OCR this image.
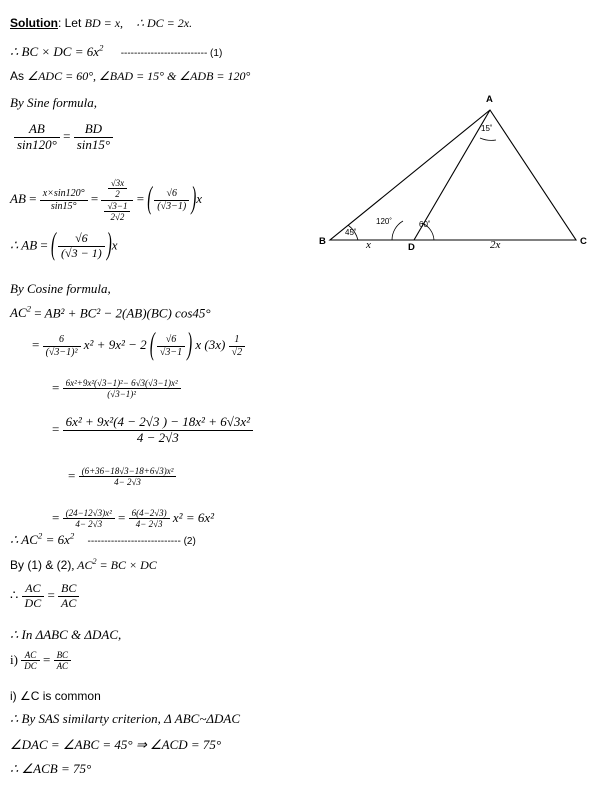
Solution: Let BD = x, ∴ DC = 2x.
∴ BC × DC = $6x^2$ -------------------------- (1)
As ∠ADC = 60°, ∠BAD = 15° & ∠ADB = 120°
By Sine formula,
$\frac{AB}{\sin 120^\circ} = \frac{BD}{\sin 15^\circ}$
AB = $\frac{x\times\sin 120^\circ}{\sin 15^\circ} = \frac{\frac{√3x}{2}}{\frac{√3-1}{2√2}}$ = ( $\frac{√6}{(√3-1)}$
) x
∴ AB = ( $\frac{√6}{(√3 - 1)}$
) x
By Cosine formula,
$AC^2 = AB^2 + BC^2 - 2(AB)(BC)$ cos45°
= $\frac{6}{\text{(√3−1)²}} x^2 + 9x^2 - 2$ ( $\frac{√6}{√3-1}$
) x $(3x) \frac{1}{√2}$
= $\frac{\text{6x²+9x²(√3−1)²− 6√3(√3−1)x²}}{\text{(√3−1)²}}$
= $\frac{\text{6x² + 9x²(4 − 2√3 ) − 18x² + 6√3x²}}{4 - 2√3}$
= $\frac{\text{(6+36−18√3−18+6√3)x²}}{4- 2√3}$
= $\frac{\text{(24−12√3)x²}}{4- 2√3} = \frac{6(4-2√3)}{4- 2√3} x^2 = 6x^2$
∴ $AC^2 = 6x^2$ ---------------------------- (2)
By (1) & (2), $AC^2$ = BC × DC
∴ $\frac{AC}{DC} = \frac{BC}{AC}$
∴ In ΔABC & ΔDAC,
$i) \frac{AC}{DC} = \frac{BC}{AC}$
i) ∠C is common
∴ By SAS similarty criterion, Δ ABC~ΔDAC
∠DAC = ∠ABC = 45° ⇒ ∠ACD = 75°
∴ ∠ACB = 75°
A
B	C
D
15˚
45˚
120˚	60˚
x	2x
